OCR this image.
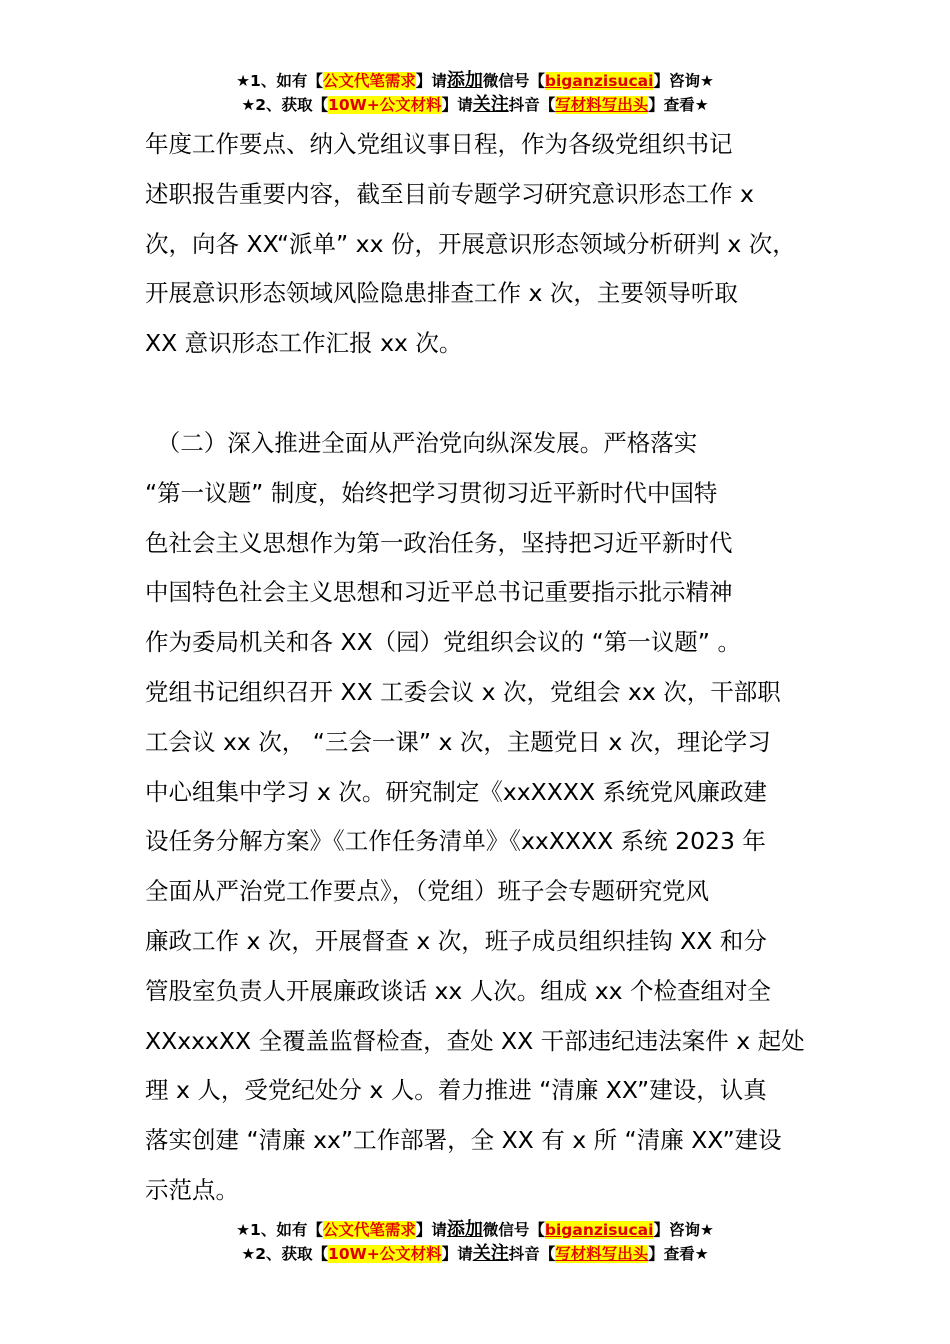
★1、如有【公文代笔需求】请添加微信号【biganzisucai】咨询★
★2、获取【10W+公文材料】请关注抖音【写材料写出头】查看★
年度工作要点、纳入党组议事日程，作为各级党组织书记
述职报告重要内容，截至目前专题学习研究意识形态工作 x
次，向各 XX“派单” xx 份，开展意识形态领域分析研判 x 次，
开展意识形态领域风险隐患排查工作 x 次，主要领导听取
XX 意识形态工作汇报 xx 次。
　（二）深入推进全面从严治党向纵深发展。严格落实
“第一议题” 制度，始终把学习贯彻习近平新时代中国特
色社会主义思想作为第一政治任务，坚持把习近平新时代
中国特色社会主义思想和习近平总书记重要指示批示精神
作为委局机关和各 XX（园）党组织会议的 “第一议题” 。
党组书记组织召开 XX 工委会议 x 次，党组会 xx 次，干部职
工会议 xx 次， “三会一课” x 次，主题党日 x 次，理论学习
中心组集中学习 x 次。研究制定《xxXXXX 系统党风廉政建
设任务分解方案》《工作任务清单》《xxXXXX 系统 2023 年
全面从严治党工作要点》，（党组）班子会专题研究党风
廉政工作 x 次，开展督查 x 次，班子成员组织挂钩 XX 和分
管股室负责人开展廉政谈话 xx 人次。组成 xx 个检查组对全
XXxxxXX 全覆盖监督检查，查处 XX 干部违纪违法案件 x 起处
理 x 人，受党纪处分 x 人。着力推进 “清廉 XX”建设，认真
落实创建 “清廉 xx”工作部署，全 XX 有 x 所 “清廉 XX”建设
示范点。
★1、如有【公文代笔需求】请添加微信号【biganzisucai】咨询★
★2、获取【10W+公文材料】请关注抖音【写材料写出头】查看★
